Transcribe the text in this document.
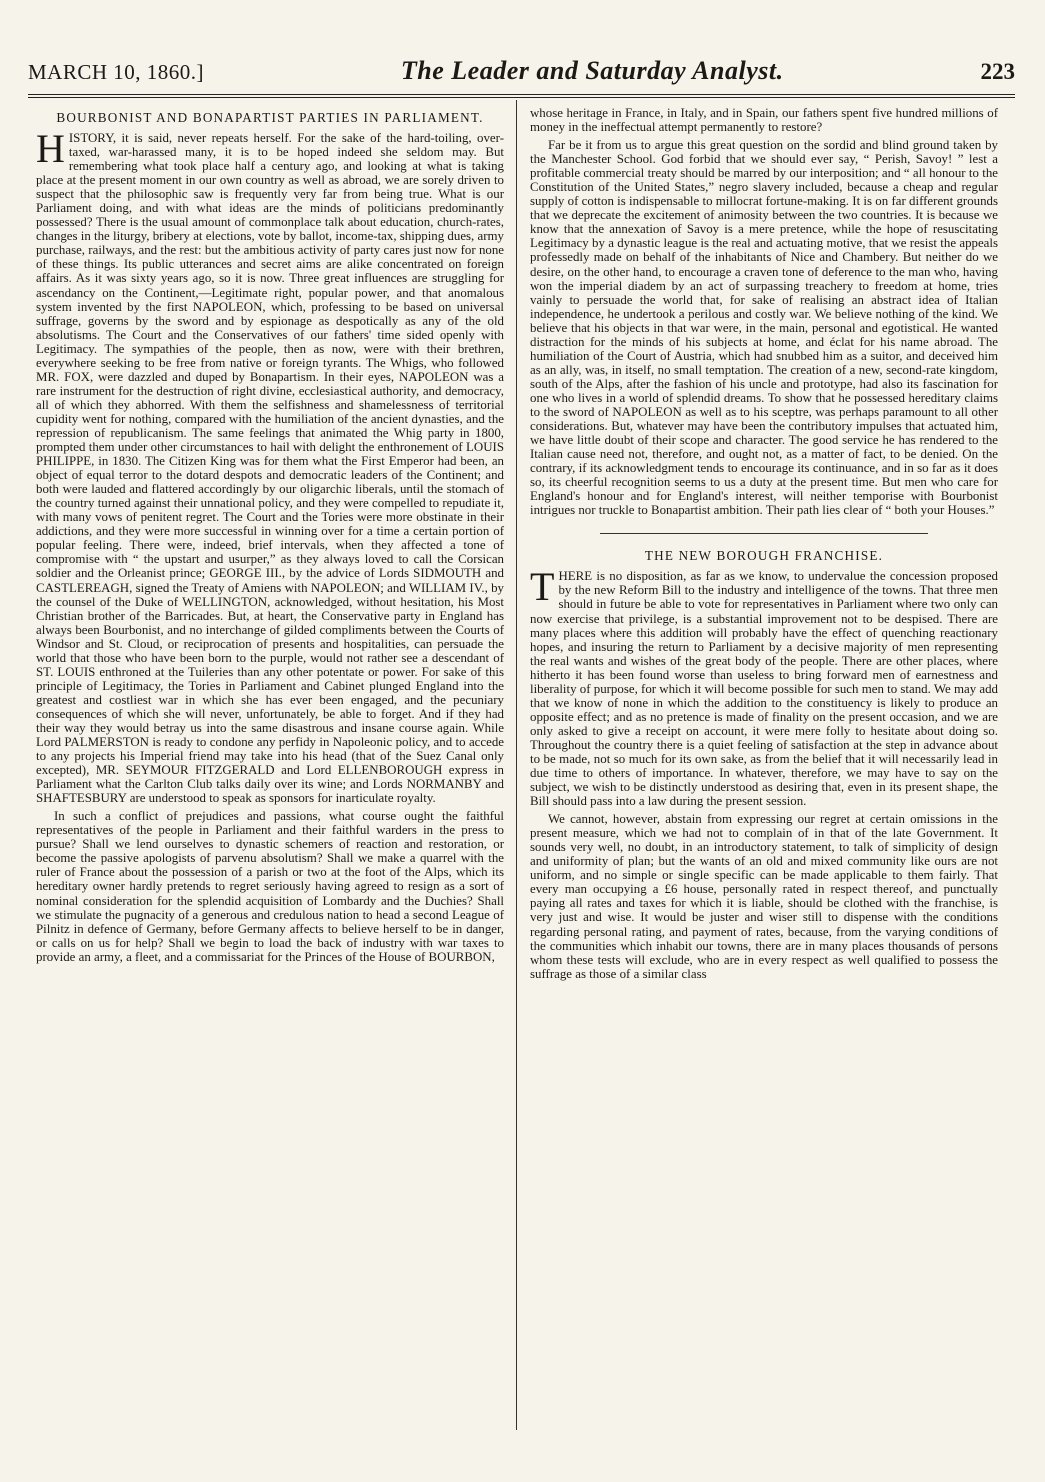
MARCH 10, 1860.]	The Leader and Saturday Analyst.	223
BOURBONIST AND BONAPARTIST PARTIES IN PARLIAMENT.

HISTORY, it is said, never repeats herself. For the sake of the hard-toiling, over-taxed, war-harassed many, it is to be hoped indeed she seldom may. But remembering what took place half a century ago, and looking at what is taking place at the present moment in our own country as well as abroad, we are sorely driven to suspect that the philosophic saw is frequently very far from being true. What is our Parliament doing, and with what ideas are the minds of politicians predominantly possessed? There is the usual amount of commonplace talk about education, church-rates, changes in the liturgy, bribery at elections, vote by ballot, income-tax, shipping dues, army purchase, railways, and the rest: but the ambitious activity of party cares just now for none of these things. Its public utterances and secret aims are alike concentrated on foreign affairs. As it was sixty years ago, so it is now. Three great influences are struggling for ascendancy on the Continent,—Legitimate right, popular power, and that anomalous system invented by the first NAPOLEON, which, professing to be based on universal suffrage, governs by the sword and by espionage as despotically as any of the old absolutisms. The Court and the Conservatives of our fathers' time sided openly with Legitimacy. The sympathies of the people, then as now, were with their brethren, everywhere seeking to be free from native or foreign tyrants. The Whigs, who followed MR. FOX, were dazzled and duped by Bonapartism. In their eyes, NAPOLEON was a rare instrument for the destruction of right divine, ecclesiastical authority, and democracy, all of which they abhorred. With them the selfishness and shamelessness of territorial cupidity went for nothing, compared with the humiliation of the ancient dynasties, and the repression of republicanism. The same feelings that animated the Whig party in 1800, prompted them under other circumstances to hail with delight the enthronement of LOUIS PHILIPPE, in 1830. The Citizen King was for them what the First Emperor had been, an object of equal terror to the dotard despots and democratic leaders of the Continent; and both were lauded and flattered accordingly by our oligarchic liberals, until the stomach of the country turned against their unnational policy, and they were compelled to repudiate it, with many vows of penitent regret. The Court and the Tories were more obstinate in their addictions, and they were more successful in winning over for a time a certain portion of popular feeling. There were, indeed, brief intervals, when they affected a tone of compromise with “ the upstart and usurper,” as they always loved to call the Corsican soldier and the Orleanist prince; GEORGE III., by the advice of Lords SIDMOUTH and CASTLEREAGH, signed the Treaty of Amiens with NAPOLEON; and WILLIAM IV., by the counsel of the Duke of WELLINGTON, acknowledged, without hesitation, his Most Christian brother of the Barricades. But, at heart, the Conservative party in England has always been Bourbonist, and no interchange of gilded compliments between the Courts of Windsor and St. Cloud, or reciprocation of presents and hospitalities, can persuade the world that those who have been born to the purple, would not rather see a descendant of ST. LOUIS enthroned at the Tuileries than any other potentate or power. For sake of this principle of Legitimacy, the Tories in Parliament and Cabinet plunged England into the greatest and costliest war in which she has ever been engaged, and the pecuniary consequences of which she will never, unfortunately, be able to forget. And if they had their way they would betray us into the same disastrous and insane course again. While Lord PALMERSTON is ready to condone any perfidy in Napoleonic policy, and to accede to any projects his Imperial friend may take into his head (that of the Suez Canal only excepted), MR. SEYMOUR FITZGERALD and Lord ELLENBOROUGH express in Parliament what the Carlton Club talks daily over its wine; and Lords NORMANBY and SHAFTESBURY are understood to speak as sponsors for inarticulate royalty.

In such a conflict of prejudices and passions, what course ought the faithful representatives of the people in Parliament and their faithful warders in the press to pursue? Shall we lend ourselves to dynastic schemers of reaction and restoration, or become the passive apologists of parvenu absolutism? Shall we make a quarrel with the ruler of France about the possession of a parish or two at the foot of the Alps, which its hereditary owner hardly pretends to regret seriously having agreed to resign as a sort of nominal consideration for the splendid acquisition of Lombardy and the Duchies? Shall we stimulate the pugnacity of a generous and credulous nation to head a second League of Pilnitz in defence of Germany, before Germany affects to believe herself to be in danger, or calls on us for help? Shall we begin to load the back of industry with war taxes to provide an army, a fleet, and a commissariat for the Princes of the House of BOURBON,

whose heritage in France, in Italy, and in Spain, our fathers spent five hundred millions of money in the ineffectual attempt permanently to restore?

Far be it from us to argue this great question on the sordid and blind ground taken by the Manchester School. God forbid that we should ever say, “ Perish, Savoy! ” lest a profitable commercial treaty should be marred by our interposition; and “ all honour to the Constitution of the United States,” negro slavery included, because a cheap and regular supply of cotton is indispensable to millocrat fortune-making. It is on far different grounds that we deprecate the excitement of animosity between the two countries. It is because we know that the annexation of Savoy is a mere pretence, while the hope of resuscitating Legitimacy by a dynastic league is the real and actuating motive, that we resist the appeals professedly made on behalf of the inhabitants of Nice and Chambery. But neither do we desire, on the other hand, to encourage a craven tone of deference to the man who, having won the imperial diadem by an act of surpassing treachery to freedom at home, tries vainly to persuade the world that, for sake of realising an abstract idea of Italian independence, he undertook a perilous and costly war. We believe nothing of the kind. We believe that his objects in that war were, in the main, personal and egotistical. He wanted distraction for the minds of his subjects at home, and éclat for his name abroad. The humiliation of the Court of Austria, which had snubbed him as a suitor, and deceived him as an ally, was, in itself, no small temptation. The creation of a new, second-rate kingdom, south of the Alps, after the fashion of his uncle and prototype, had also its fascination for one who lives in a world of splendid dreams. To show that he possessed hereditary claims to the sword of NAPOLEON as well as to his sceptre, was perhaps paramount to all other considerations. But, whatever may have been the contributory impulses that actuated him, we have little doubt of their scope and character. The good service he has rendered to the Italian cause need not, therefore, and ought not, as a matter of fact, to be denied. On the contrary, if its acknowledgment tends to encourage its continuance, and in so far as it does so, its cheerful recognition seems to us a duty at the present time. But men who care for England's honour and for England's interest, will neither temporise with Bourbonist intrigues nor truckle to Bonapartist ambition. Their path lies clear of “ both your Houses.”

THE NEW BOROUGH FRANCHISE.

THERE is no disposition, as far as we know, to undervalue the concession proposed by the new Reform Bill to the industry and intelligence of the towns. That three men should in future be able to vote for representatives in Parliament where two only can now exercise that privilege, is a substantial improvement not to be despised. There are many places where this addition will probably have the effect of quenching reactionary hopes, and insuring the return to Parliament by a decisive majority of men representing the real wants and wishes of the great body of the people. There are other places, where hitherto it has been found worse than useless to bring forward men of earnestness and liberality of purpose, for which it will become possible for such men to stand. We may add that we know of none in which the addition to the constituency is likely to produce an opposite effect; and as no pretence is made of finality on the present occasion, and we are only asked to give a receipt on account, it were mere folly to hesitate about doing so. Throughout the country there is a quiet feeling of satisfaction at the step in advance about to be made, not so much for its own sake, as from the belief that it will necessarily lead in due time to others of importance. In whatever, therefore, we may have to say on the subject, we wish to be distinctly understood as desiring that, even in its present shape, the Bill should pass into a law during the present session.

We cannot, however, abstain from expressing our regret at certain omissions in the present measure, which we had not to complain of in that of the late Government. It sounds very well, no doubt, in an introductory statement, to talk of simplicity of design and uniformity of plan; but the wants of an old and mixed community like ours are not uniform, and no simple or single specific can be made applicable to them fairly. That every man occupying a £6 house, personally rated in respect thereof, and punctually paying all rates and taxes for which it is liable, should be clothed with the franchise, is very just and wise. It would be juster and wiser still to dispense with the conditions regarding personal rating, and payment of rates, because, from the varying conditions of the communities which inhabit our towns, there are in many places thousands of persons whom these tests will exclude, who are in every respect as well qualified to possess the suffrage as those of a similar class
